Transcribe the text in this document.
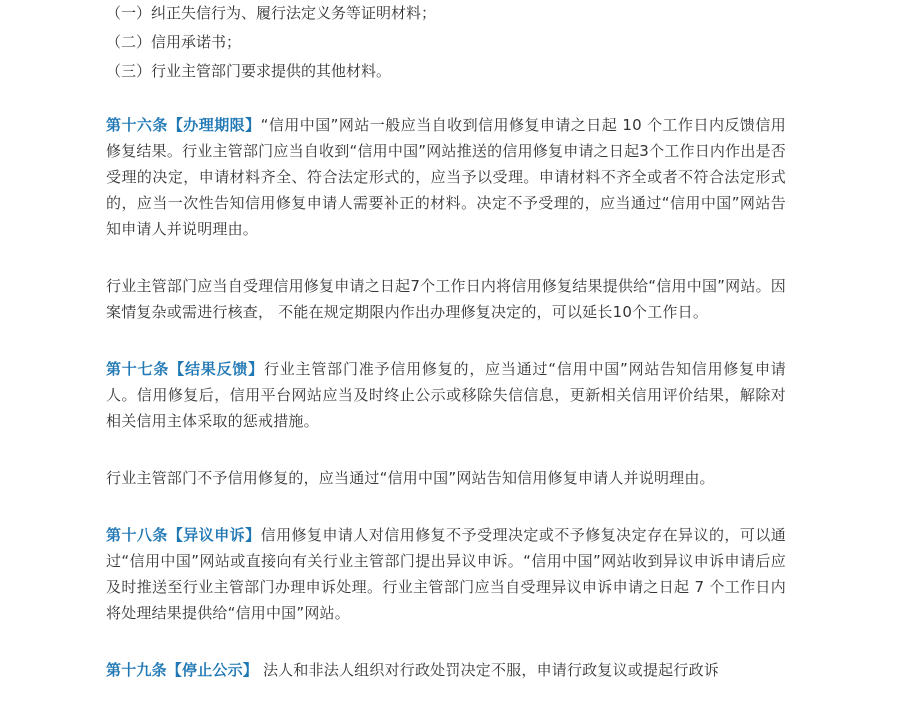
（一）纠正失信行为、履行法定义务等证明材料；

（二）信用承诺书；

（三）行业主管部门要求提供的其他材料。

第十六条【办理期限】“信用中国”网站一般应当自收到信用修复申请之日起 10 个工作日内反馈信用修复结果。行业主管部门应当自收到“信用中国”网站推送的信用修复申请之日起3个工作日内作出是否受理的决定，申请材料齐全、符合法定形式的，应当予以受理。申请材料不齐全或者不符合法定形式的，应当一次性告知信用修复申请人需要补正的材料。决定不予受理的，应当通过“信用中国”网站告知申请人并说明理由。

行业主管部门应当自受理信用修复申请之日起7个工作日内将信用修复结果提供给“信用中国”网站。因案情复杂或需进行核查， 不能在规定期限内作出办理修复决定的，可以延长10个工作日。

第十七条【结果反馈】行业主管部门准予信用修复的，应当通过“信用中国”网站告知信用修复申请人。信用修复后，信用平台网站应当及时终止公示或移除失信信息，更新相关信用评价结果，解除对相关信用主体采取的惩戒措施。

行业主管部门不予信用修复的，应当通过“信用中国”网站告知信用修复申请人并说明理由。

第十八条【异议申诉】信用修复申请人对信用修复不予受理决定或不予修复决定存在异议的，可以通过“信用中国”网站或直接向有关行业主管部门提出异议申诉。“信用中国”网站收到异议申诉申请后应及时推送至行业主管部门办理申诉处理。行业主管部门应当自受理异议申诉申请之日起 7 个工作日内将处理结果提供给“信用中国”网站。

第十九条【停止公示】 法人和非法人组织对行政处罚决定不服，申请行政复议或提起行政诉
